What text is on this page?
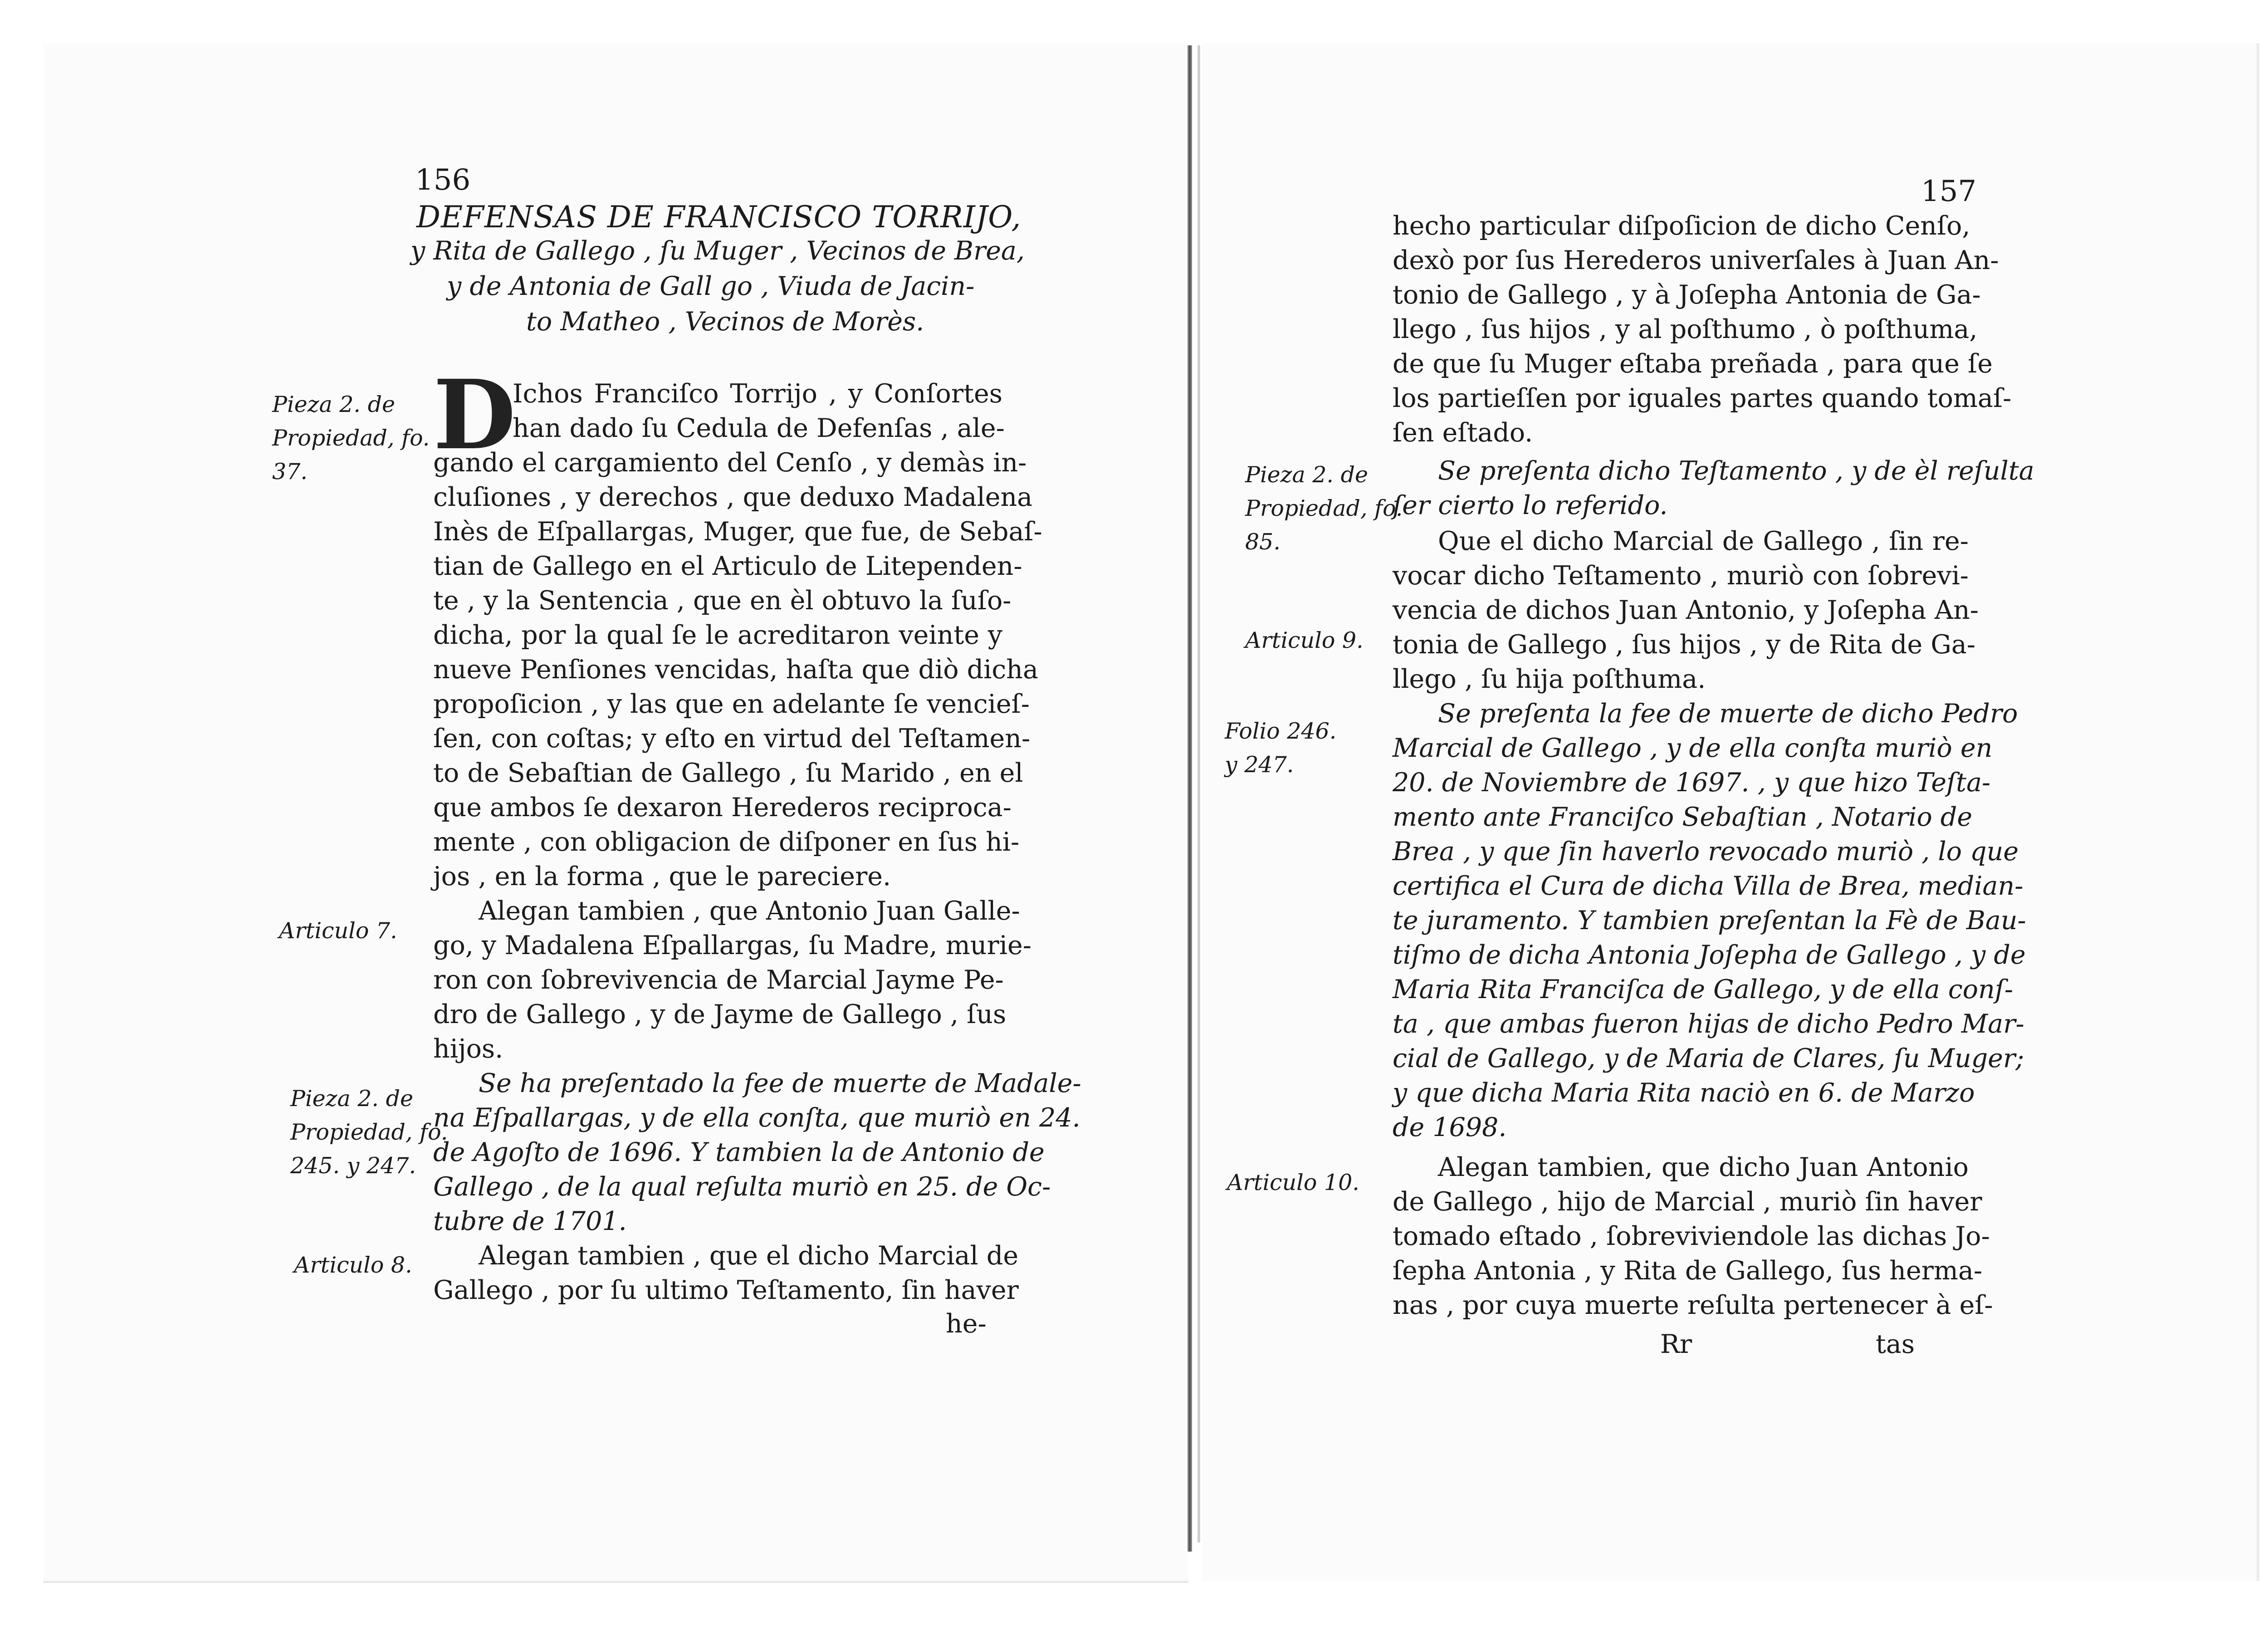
156
DEFENSAS DE FRANCISCO TORRIJO,
y Rita de Gallego , ſu Muger , Vecinos de Brea,
y de Antonia de Gall go , Viuda de Jacin-
to Matheo , Vecinos de Morès.
Pieza 2. de
Propiedad, fo.
37.
Articulo 7.
Pieza 2. de
Propiedad, fo.
245. y 247.
Articulo 8.
D
Ichos Franciſco Torrijo , y Conſortes
han dado ſu Cedula de Defenſas , ale-
gando el cargamiento del Cenſo , y demàs in-
cluſiones , y derechos , que deduxo Madalena
Inès de Eſpallargas, Muger, que fue, de Sebaſ-
tian de Gallego en el Articulo de Litependen-
te , y la Sentencia , que en èl obtuvo la ſuſo-
dicha, por la qual ſe le acreditaron veinte y
nueve Penſiones vencidas, haſta que diò dicha
propoſicion , y las que en adelante ſe venciеſ-
ſen, con coſtas; y eſto en virtud del Teſtamen-
to de Sebaſtian de Gallego , ſu Marido , en el
que ambos ſe dexaron Herederos reciproca-
mente , con obligacion de diſponer en ſus hi-
jos , en la forma , que le pareciere.
Alegan tambien , que Antonio Juan Galle-
go, y Madalena Eſpallargas, ſu Madre, murie-
ron con ſobrevivencia de Marcial Jayme Pe-
dro de Gallego , y de Jayme de Gallego , ſus
hijos.
Se ha preſentado la fee de muerte de Madale-
na Eſpallargas, y de ella conſta, que muriò en 24.
de Agoſto de 1696. Y tambien la de Antonio de
Gallego , de la qual reſulta muriò en 25. de Oc-
tubre de 1701.
Alegan tambien , que el dicho Marcial de
Gallego , por ſu ultimo Teſtamento, ſin haver
he-
157
Pieza 2. de
Propiedad, fo.
85.
Articulo 9.
Folio 246.
y 247.
Articulo 10.
hecho particular diſpoſicion de dicho Cenſo,
dexò por ſus Herederos univerſales à Juan An-
tonio de Gallego , y à Joſepha Antonia de Ga-
llego , ſus hijos , y al poſthumo , ò poſthuma,
de que ſu Muger eſtaba preñada , para que ſe
los partieſſen por iguales partes quando tomaſ-
ſen eſtado.
Se preſenta dicho Teſtamento , y de èl reſulta
ſer cierto lo referido.
Que el dicho Marcial de Gallego , ſin re-
vocar dicho Teſtamento , muriò con ſobrevi-
vencia de dichos Juan Antonio, y Joſepha An-
tonia de Gallego , ſus hijos , y de Rita de Ga-
llego , ſu hija poſthuma.
Se preſenta la fee de muerte de dicho Pedro
Marcial de Gallego , y de ella conſta muriò en
20. de Noviembre de 1697. , y que hizo Teſta-
mento ante Franciſco Sebaſtian , Notario de
Brea , y que ſin haverlo revocado muriò , lo que
certifica el Cura de dicha Villa de Brea, median-
te juramento. Y tambien preſentan la Fè de Bau-
tiſmo de dicha Antonia Joſepha de Gallego , y de
Maria Rita Franciſca de Gallego, y de ella conſ-
ta , que ambas fueron hijas de dicho Pedro Mar-
cial de Gallego, y de Maria de Clares, ſu Muger;
y que dicha Maria Rita naciò en 6. de Marzo
de 1698.
Alegan tambien, que dicho Juan Antonio
de Gallego , hijo de Marcial , muriò ſin haver
tomado eſtado , ſobreviviendole las dichas Jo-
ſepha Antonia , y Rita de Gallego, ſus herma-
nas , por cuya muerte reſulta pertenecer à eſ-
Rr	tas
